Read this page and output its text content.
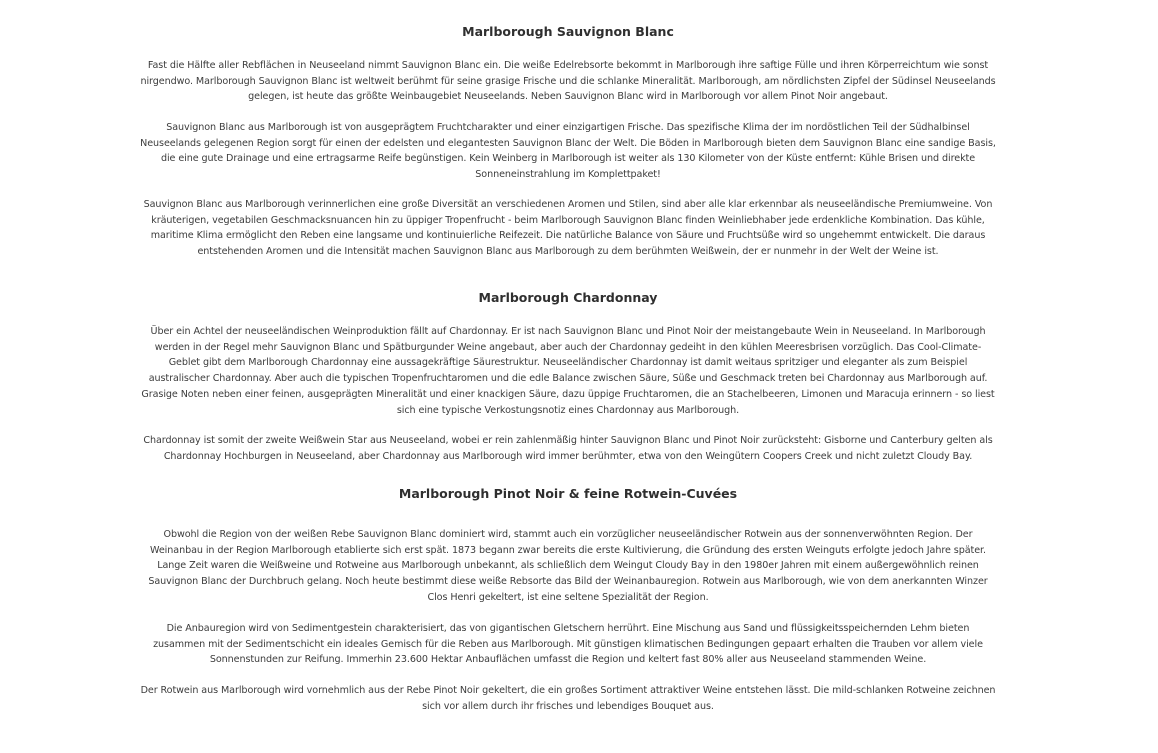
Marlborough Sauvignon Blanc

Fast die Hälfte aller Rebflächen in Neuseeland nimmt Sauvignon Blanc ein. Die weiße Edelrebsorte bekommt in Marlborough ihre saftige Fülle und ihren Körperreichtum wie sonst nirgendwo. Marlborough Sauvignon Blanc ist weltweit berühmt für seine grasige Frische und die schlanke Mineralität. Marlborough, am nördlichsten Zipfel der Südinsel Neuseelands gelegen, ist heute das größte Weinbaugebiet Neuseelands. Neben Sauvignon Blanc wird in Marlborough vor allem Pinot Noir angebaut.

Sauvignon Blanc aus Marlborough ist von ausgeprägtem Fruchtcharakter und einer einzigartigen Frische. Das spezifische Klima der im nordöstlichen Teil der Südhalbinsel Neuseelands gelegenen Region sorgt für einen der edelsten und elegantesten Sauvignon Blanc der Welt. Die Böden in Marlborough bieten dem Sauvignon Blanc eine sandige Basis, die eine gute Drainage und eine ertragsarme Reife begünstigen. Kein Weinberg in Marlborough ist weiter als 130 Kilometer von der Küste entfernt: Kühle Brisen und direkte Sonneneinstrahlung im Komplettpaket!

Sauvignon Blanc aus Marlborough verinnerlichen eine große Diversität an verschiedenen Aromen und Stilen, sind aber alle klar erkennbar als neuseeländische Premiumweine. Von kräuterigen, vegetabilen Geschmacksnuancen hin zu üppiger Tropenfrucht - beim Marlborough Sauvignon Blanc finden Weinliebhaber jede erdenkliche Kombination. Das kühle, maritime Klima ermöglicht den Reben eine langsame und kontinuierliche Reifezeit. Die natürliche Balance von Säure und Fruchtsüße wird so ungehemmt entwickelt. Die daraus entstehenden Aromen und die Intensität machen Sauvignon Blanc aus Marlborough zu dem berühmten Weißwein, der er nunmehr in der Welt der Weine ist.

Marlborough Chardonnay

Über ein Achtel der neuseeländischen Weinproduktion fällt auf Chardonnay. Er ist nach Sauvignon Blanc und Pinot Noir der meistangebaute Wein in Neuseeland. In Marlborough werden in der Regel mehr Sauvignon Blanc und Spätburgunder Weine angebaut, aber auch der Chardonnay gedeiht in den kühlen Meeresbrisen vorzüglich. Das Cool-Climate-Geblet gibt dem Marlborough Chardonnay eine aussagekräftige Säurestruktur. Neuseeländischer Chardonnay ist damit weitaus spritziger und eleganter als zum Beispiel australischer Chardonnay. Aber auch die typischen Tropenfruchtaromen und die edle Balance zwischen Säure, Süße und Geschmack treten bei Chardonnay aus Marlborough auf. Grasige Noten neben einer feinen, ausgeprägten Mineralität und einer knackigen Säure, dazu üppige Fruchtaromen, die an Stachelbeeren, Limonen und Maracuja erinnern - so liest sich eine typische Verkostungsnotiz eines Chardonnay aus Marlborough.

Chardonnay ist somit der zweite Weißwein Star aus Neuseeland, wobei er rein zahlenmäßig hinter Sauvignon Blanc und Pinot Noir zurücksteht: Gisborne und Canterbury gelten als Chardonnay Hochburgen in Neuseeland, aber Chardonnay aus Marlborough wird immer berühmter, etwa von den Weingütern Coopers Creek und nicht zuletzt Cloudy Bay.

Marlborough Pinot Noir & feine Rotwein-Cuvées

Obwohl die Region von der weißen Rebe Sauvignon Blanc dominiert wird, stammt auch ein vorzüglicher neuseeländischer Rotwein aus der sonnenverwöhnten Region. Der Weinanbau in der Region Marlborough etablierte sich erst spät. 1873 begann zwar bereits die erste Kultivierung, die Gründung des ersten Weinguts erfolgte jedoch Jahre später. Lange Zeit waren die Weißweine und Rotweine aus Marlborough unbekannt, als schließlich dem Weingut Cloudy Bay in den 1980er Jahren mit einem außergewöhnlich reinen Sauvignon Blanc der Durchbruch gelang. Noch heute bestimmt diese weiße Rebsorte das Bild der Weinanbauregion. Rotwein aus Marlborough, wie von dem anerkannten Winzer Clos Henri gekeltert, ist eine seltene Spezialität der Region.

Die Anbauregion wird von Sedimentgestein charakterisiert, das von gigantischen Gletschern herrührt. Eine Mischung aus Sand und flüssigkeitsspeichernden Lehm bieten zusammen mit der Sedimentschicht ein ideales Gemisch für die Reben aus Marlborough. Mit günstigen klimatischen Bedingungen gepaart erhalten die Trauben vor allem viele Sonnenstunden zur Reifung. Immerhin 23.600 Hektar Anbauflächen umfasst die Region und keltert fast 80% aller aus Neuseeland stammenden Weine.

Der Rotwein aus Marlborough wird vornehmlich aus der Rebe Pinot Noir gekeltert, die ein großes Sortiment attraktiver Weine entstehen lässt. Die mild-schlanken Rotweine zeichnen sich vor allem durch ihr frisches und lebendiges Bouquet aus.
